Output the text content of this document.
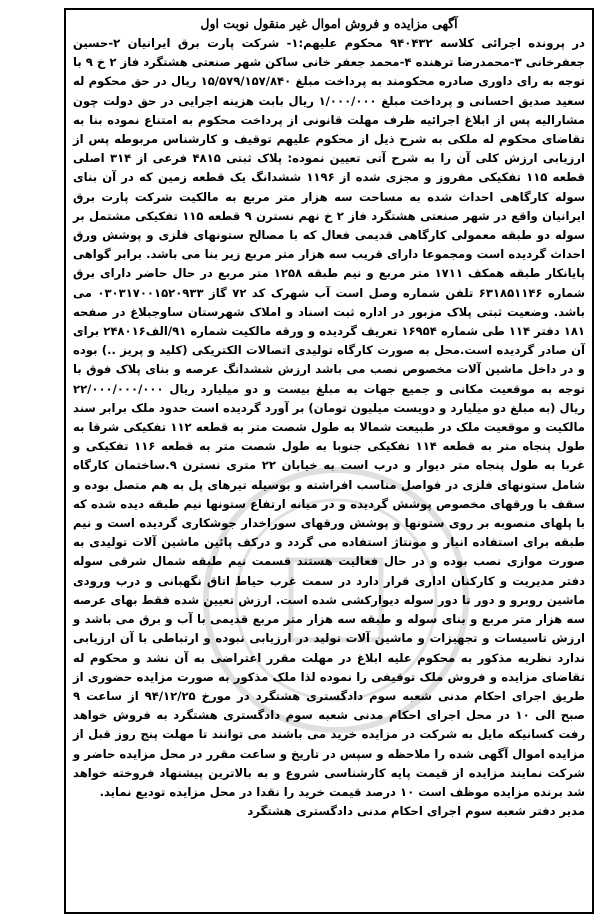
آگهی مزایده و فروش اموال غیر منقول نوبت اول

در پرونده اجرائی کلاسه ۹۴۰۴۳۲ محکوم علیهم:۱- شرکت پارت برق ایرانیان ۲-حسین جعفرخانی ۳-محمدرضا ترهنده ۴-محمد جعفر خانی ساکن شهر صنعتی هشتگرد فاز ۲ خ ۹ با توجه به رای داوری صادره محکومند به پرداخت مبلغ ۱۵/۵۷۹/۱۵۷/۸۴۰ ریال در حق محکوم له سعید صدیق احسانی و پرداخت مبلغ ۱/۰۰۰/۰۰۰ ریال بابت هزینه اجرایی در حق دولت چون مشارالیه پس از ابلاغ اجرائیه ظرف مهلت قانونی از پرداخت محکوم به امتناع نموده بنا به تقاضای محکوم له ملکی به شرح ذیل از محکوم علیهم توقیف و کارشناس مربوطه پس از ارزیابی ارزش کلی آن را به شرح آتی تعیین نموده: پلاک ثبتی ۴۸۱۵ فرعی از ۳۱۴ اصلی قطعه ۱۱۵ تفکیکی مفروز و مجزی شده از ۱۱۹۶ ششدانگ یک قطعه زمین که در آن بنای سوله کارگاهی احداث شده به مساحت سه هزار متر مربع به مالکیت شرکت پارت برق ایرانیان واقع در شهر صنعتی هشتگرد فاز ۲ خ نهم نسترن ۹ قطعه ۱۱۵ تفکیکی مشتمل بر سوله دو طبقه معمولی کارگاهی قدیمی فعال که با مصالح ستونهای فلزی و پوشش ورق احداث گردیده است ومجموعا دارای قریب سه هزار متر مربع زیر بنا می باشد. برابر گواهی پایانکار طبقه همکف ۱۷۱۱ متر مربع و نیم طبقه ۱۲۵۸ متر مربع در حال حاضر دارای برق شماره ۶۳۱۸۵۱۱۴۶ تلفن شماره وصل است آب شهرک کد ۷۲ گاز ۰۳۰۳۱۷۰۰۱۵۲۰۹۳۳ می باشد. وضعیت ثبتی پلاک مزبور در اداره ثبت اسناد و املاک شهرستان ساوجبلاغ در صفحه ۱۸۱ دفتر ۱۱۴ طی شماره ۱۶۹۵۴ تعریف گردیده و ورقه مالکیت شماره ۹۱/الف۲۴۸۰۱۶ برای آن صادر گردیده است.محل به صورت کارگاه تولیدی اتصالات الکتریکی (کلید و پریز ..) بوده و در داخل ماشین آلات مخصوص نصب می باشد ارزش ششدانگ عرصه و بنای پلاک فوق با توجه به موقعیت مکانی و جمیع جهات به مبلغ بیست و دو میلیارد ریال ۲۲/۰۰۰/۰۰۰/۰۰۰ ریال (به مبلغ دو میلیارد و دویست میلیون تومان) بر آورد گردیده است حدود ملک برابر سند مالکیت و موقعیت ملک در طبیعت شمالا به طول شصت متر به قطعه ۱۱۲ تفکیکی شرقا به طول پنجاه متر به قطعه ۱۱۴ تفکیکی جنوبا به طول شصت متر به قطعه ۱۱۶ تفکیکی و غربا به طول پنجاه متر دیوار و درب است به خیابان ۲۲ متری نسترن ۹.ساختمان کارگاه شامل ستونهای فلزی در فواصل مناسب افراشته و بوسیله تیرهای پل به هم متصل بوده و سقف با ورقهای مخصوص پوشش گردیده و در میانه ارتفاع ستونها نیم طبقه دیده شده که با پلهای منصوبه بر روی ستونها و پوشش ورقهای سوراخدار جوشکاری گردیده است و نیم طبقه برای استفاده انبار و مونتاژ استفاده می گردد و درکف پائین ماشین آلات تولیدی به صورت موازی نصب بوده و در حال فعالیت هستند قسمت نیم طبقه شمال شرقی سوله دفتر مدیریت و کارکنان اداری قرار دارد در سمت غرب حیاط اتاق نگهبانی و درب ورودی ماشین روبرو و دور تا دور سوله دیوارکشی شده است. ارزش تعیین شده فقط بهای عرصه سه هزار متر مربع و بنای سوله و طبقه سه هزار متر مربع قدیمی با آب و برق می باشد و ارزش تاسیسات و تجهیزات و ماشین آلات تولید در ارزیابی نبوده و ارتباطی با آن ارزیابی ندارد نظریه مذکور به محکوم علیه ابلاغ در مهلت مقرر اعتراضی به آن نشد و محکوم له تقاضای مزایده و فروش ملک توقیفی را نموده لذا ملک مذکور به صورت مزایده حضوری از طریق اجرای احکام مدنی شعبه سوم دادگستری هشتگرد در مورخ ۹۴/۱۲/۲۵ از ساعت ۹ صبح الی ۱۰ در محل اجرای احکام مدنی شعبه سوم دادگستری هشتگرد به فروش خواهد رفت کسانیکه مایل به شرکت در مزایده خرید می باشند می توانند تا مهلت پنج روز قبل از مزایده اموال آگهی شده را ملاحظه و سپس در تاریخ و ساعت مقرر در محل مزایده حاضر و شرکت نمایند مزایده از قیمت پایه کارشناسی شروع و به بالاترین پیشنهاد فروخته خواهد شد برنده مزایده موظف است ۱۰ درصد قیمت خرید را نقدا در محل مزایده تودیع نماید.

مدیر دفتر شعبه سوم اجرای احکام مدنی دادگستری هشتگرد
